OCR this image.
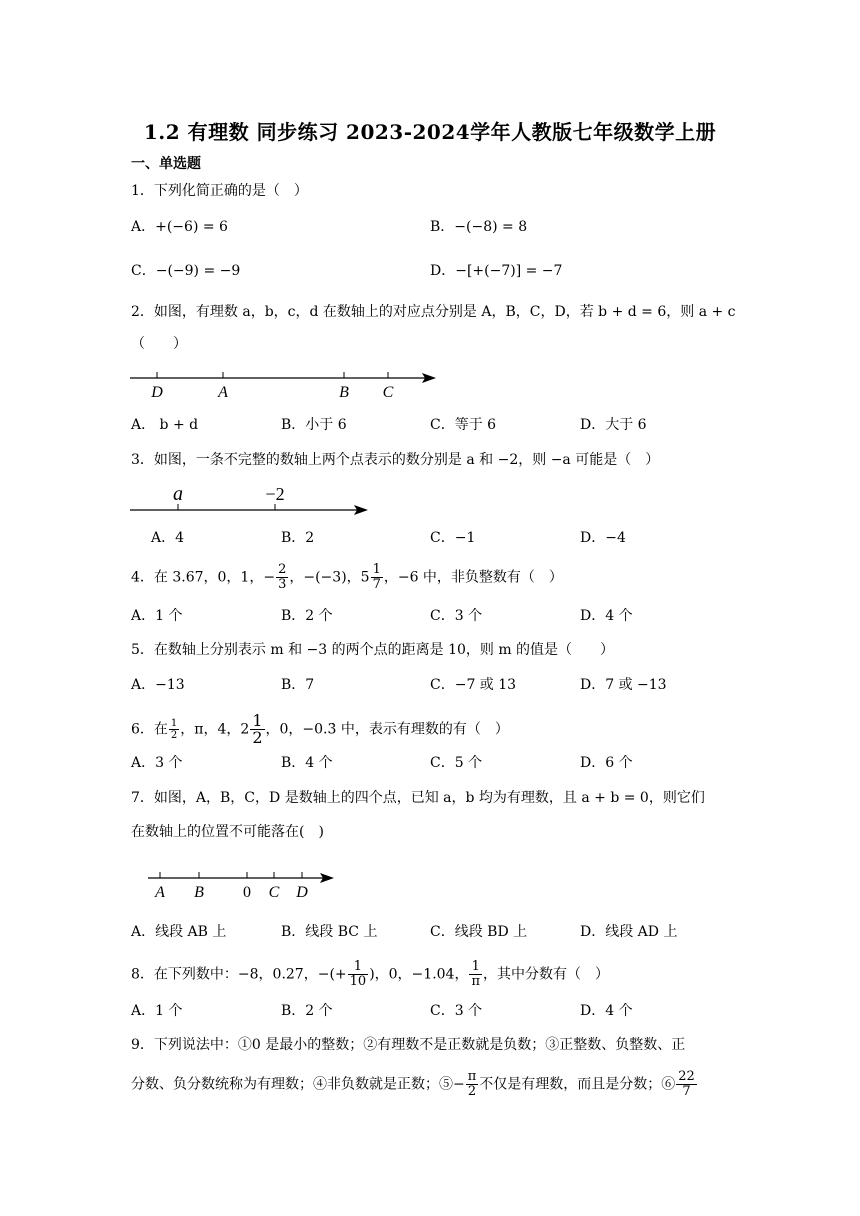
1.2 有理数 同步练习 2023-2024学年人教版七年级数学上册
一、单选题
1．下列化简正确的是（　）
A．+(−6) = 6	B．−(−8) = 8
C．−(−9) = −9	D．−[+(−7)] = −7
2．如图，有理数 a，b，c，d 在数轴上的对应点分别是 A，B，C，D，若 b + d = 6，则 a + c
（　　）
D	A	B C
A． b + d	B．小于 6	C．等于 6	D．大于 6
3．如图，一条不完整的数轴上两个点表示的数分别是 a 和 −2，则 −a 可能是（　）
a	−2
A．4	B．2	C．−1	D．−4
4．在 3.67，0，1，− $\frac{2}{3}$ ，−(−3)，$5 \frac{1}{7}$ ，−6 中，非负整数有（　）
A．1 个	B．2 个	C．3 个	D．4 个
5．在数轴上分别表示 m 和 −3 的两个点的距离是 10，则 m 的值是（　　）
A．−13	B．7	C．−7 或 13	D．7 或 −13
6．在 $\frac{1}{2}$ ，π，4，$2 \frac{1}{2}$ ，0，−0.3̇ 中，表示有理数的有（　）
A．3 个	B．4 个	C．5 个	D．6 个
7．如图，A，B，C，D 是数轴上的四个点，已知 a，b 均为有理数，且 a + b = 0，则它们
在数轴上的位置不可能落在(　)
A B 0 C D
A．线段 AB 上	B．线段 BC 上	C．线段 BD 上	D．线段 AD 上
8．在下列数中：−8，0.27，−(+ $\frac{1}{10}$ )，0，−1.04， $\frac{1}{\pi}$ ，其中分数有（　）
A．1 个	B．2 个	C．3 个	D．4 个
9．下列说法中：①0 是最小的整数；②有理数不是正数就是负数；③正整数、负整数、正
分数、负分数统称为有理数；④非负数就是正数；⑤− $\frac{\pi}{2}$ 不仅是有理数，而且是分数；⑥ $\frac{22}{7}$
